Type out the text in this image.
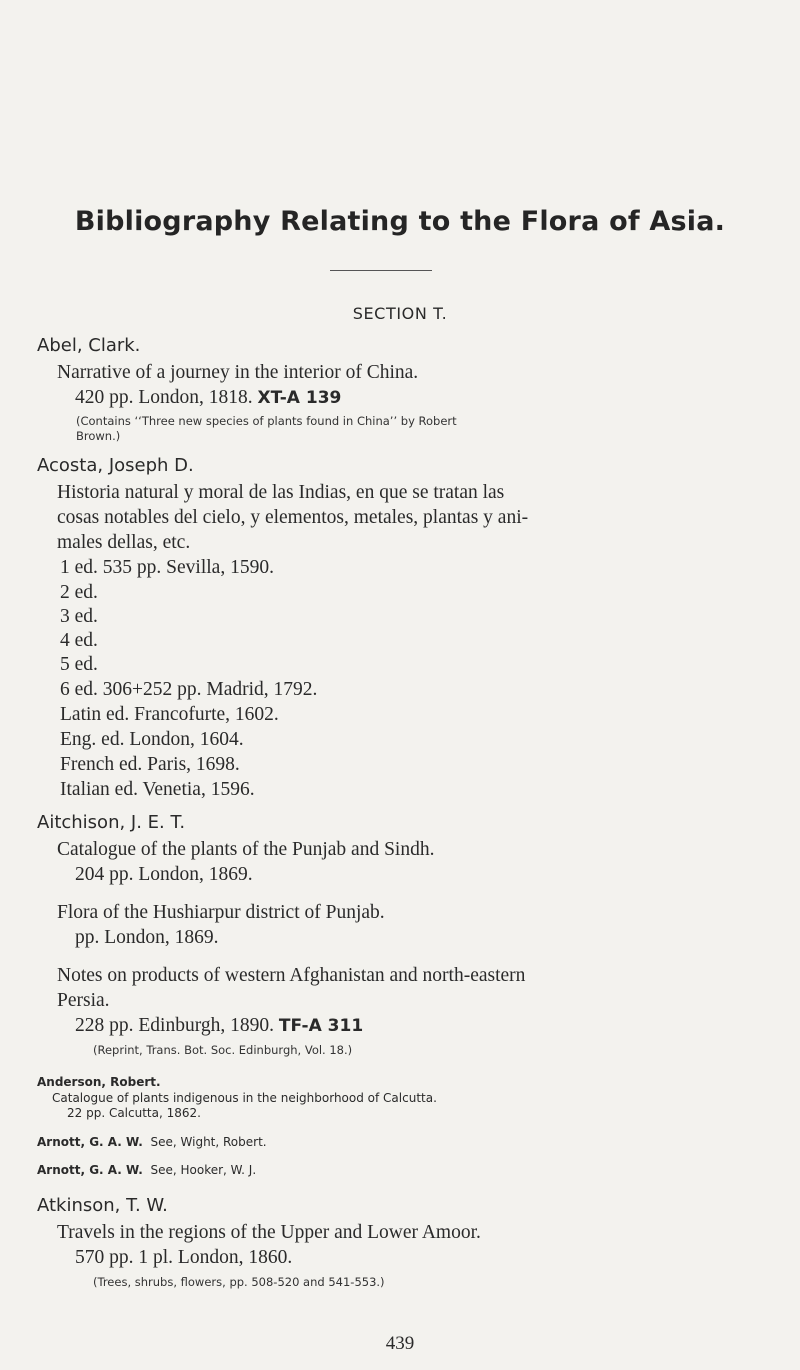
Bibliography Relating to the Flora of Asia.
SECTION T.
Abel, Clark.
Narrative of a journey in the interior of China.
420 pp. London, 1818. XT-A 139
(Contains ‘‘Three new species of plants found in China’’ by Robert
Brown.)
Acosta, Joseph D.
Historia natural y moral de las Indias, en que se tratan las
cosas notables del cielo, y elementos, metales, plantas y ani-
males dellas, etc.
1 ed. 535 pp. Sevilla, 1590.
2 ed.
3 ed.
4 ed.
5 ed.
6 ed. 306+252 pp. Madrid, 1792.
Latin ed. Francofurte, 1602.
Eng. ed. London, 1604.
French ed. Paris, 1698.
Italian ed. Venetia, 1596.
Aitchison, J. E. T.
Catalogue of the plants of the Punjab and Sindh.
204 pp. London, 1869.
Flora of the Hushiarpur district of Punjab.
pp. London, 1869.
Notes on products of western Afghanistan and north-eastern
Persia.
228 pp. Edinburgh, 1890. TF-A 311
(Reprint, Trans. Bot. Soc. Edinburgh, Vol. 18.)
Anderson, Robert.
Catalogue of plants indigenous in the neighborhood of Calcutta.
22 pp. Calcutta, 1862.
Arnott, G. A. W. See, Wight, Robert.
Arnott, G. A. W. See, Hooker, W. J.
Atkinson, T. W.
Travels in the regions of the Upper and Lower Amoor.
570 pp. 1 pl. London, 1860.
(Trees, shrubs, flowers, pp. 508-520 and 541-553.)
439
